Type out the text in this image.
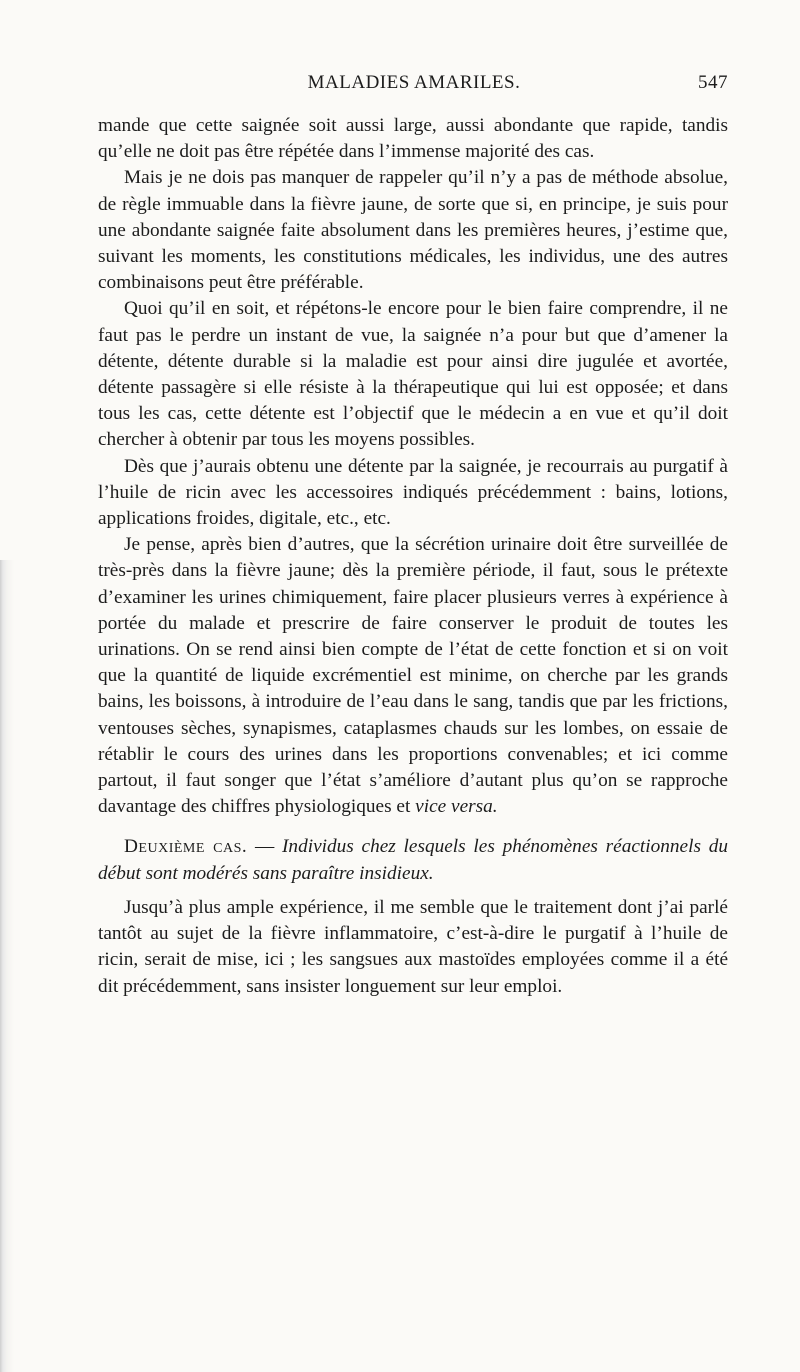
MALADIES AMARILES.	547

mande que cette saignée soit aussi large, aussi abondante que rapide, tandis qu’elle ne doit pas être répétée dans l’immense majorité des cas.

Mais je ne dois pas manquer de rappeler qu’il n’y a pas de méthode absolue, de règle immuable dans la fièvre jaune, de sorte que si, en principe, je suis pour une abondante saignée faite absolument dans les premières heures, j’estime que, suivant les moments, les constitutions médicales, les individus, une des autres combinaisons peut être préférable.

Quoi qu’il en soit, et répétons-le encore pour le bien faire comprendre, il ne faut pas le perdre un instant de vue, la saignée n’a pour but que d’amener la détente, détente durable si la maladie est pour ainsi dire jugulée et avortée, détente passagère si elle résiste à la thérapeutique qui lui est opposée; et dans tous les cas, cette détente est l’objectif que le médecin a en vue et qu’il doit chercher à obtenir par tous les moyens possibles.

Dès que j’aurais obtenu une détente par la saignée, je recourrais au purgatif à l’huile de ricin avec les accessoires indiqués précédemment : bains, lotions, applications froides, digitale, etc., etc.

Je pense, après bien d’autres, que la sécrétion urinaire doit être surveillée de très-près dans la fièvre jaune; dès la première période, il faut, sous le prétexte d’examiner les urines chimiquement, faire placer plusieurs verres à expérience à portée du malade et prescrire de faire conserver le produit de toutes les urinations. On se rend ainsi bien compte de l’état de cette fonction et si on voit que la quantité de liquide excrémentiel est minime, on cherche par les grands bains, les boissons, à introduire de l’eau dans le sang, tandis que par les frictions, ventouses sèches, synapismes, cataplasmes chauds sur les lombes, on essaie de rétablir le cours des urines dans les proportions convenables; et ici comme partout, il faut songer que l’état s’améliore d’autant plus qu’on se rapproche davantage des chiffres physiologiques et vice versa.

Deuxième cas. — Individus chez lesquels les phénomènes réactionnels du début sont modérés sans paraître insidieux.

Jusqu’à plus ample expérience, il me semble que le traitement dont j’ai parlé tantôt au sujet de la fièvre inflammatoire, c’est-à-dire le purgatif à l’huile de ricin, serait de mise, ici ; les sangsues aux mastoïdes employées comme il a été dit précédemment, sans insister longuement sur leur emploi.
